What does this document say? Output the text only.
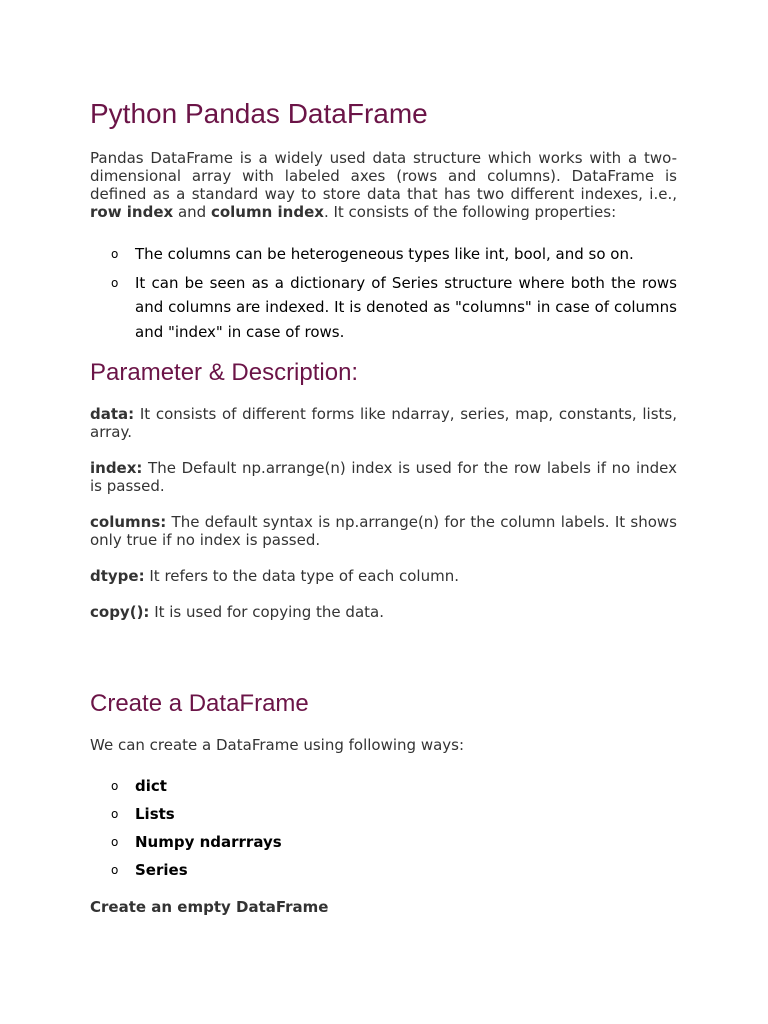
Python Pandas DataFrame

Pandas DataFrame is a widely used data structure which works with a two-dimensional array with labeled axes (rows and columns). DataFrame is defined as a standard way to store data that has two different indexes, i.e., row index and column index. It consists of the following properties:

o The columns can be heterogeneous types like int, bool, and so on.
o It can be seen as a dictionary of Series structure where both the rows and columns are indexed. It is denoted as "columns" in case of columns and "index" in case of rows.
Parameter & Description:

data: It consists of different forms like ndarray, series, map, constants, lists, array.

index: The Default np.arrange(n) index is used for the row labels if no index is passed.

columns: The default syntax is np.arrange(n) for the column labels. It shows only true if no index is passed.

dtype: It refers to the data type of each column.

copy(): It is used for copying the data.

Create a DataFrame

We can create a DataFrame using following ways:

o dict
o Lists
o Numpy ndarrrays
o Series

Create an empty DataFrame
